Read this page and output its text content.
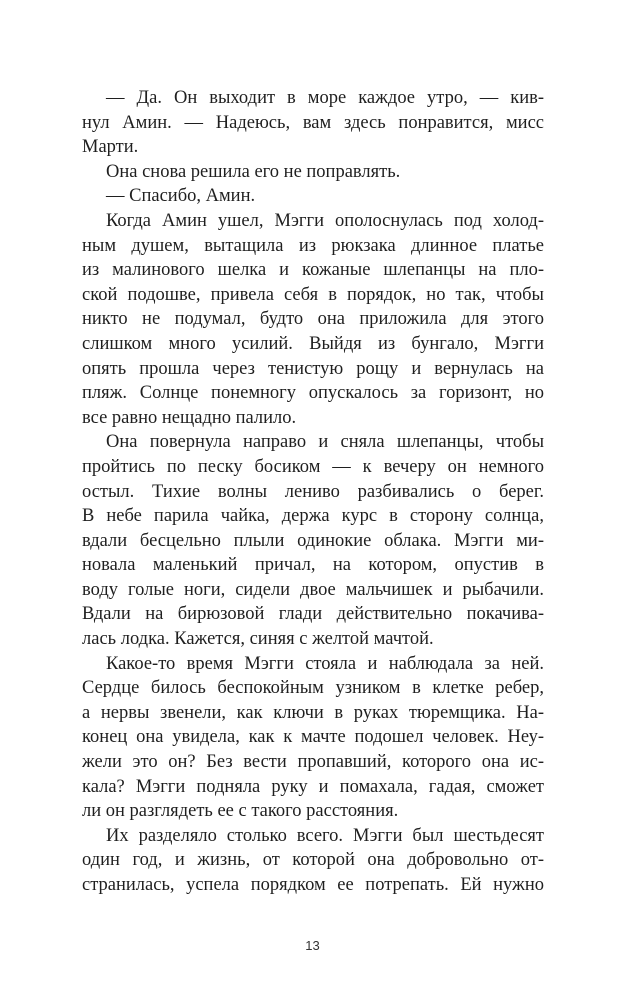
— Да. Он выходит в море каждое утро, — кив-
нул Амин. — Надеюсь, вам здесь понравится, мисс
Марти.
Она снова решила его не поправлять.
— Спасибо, Амин.
Когда Амин ушел, Мэгги ополоснулась под холод-
ным душем, вытащила из рюкзака длинное платье
из малинового шелка и кожаные шлепанцы на пло-
ской подошве, привела себя в порядок, но так, чтобы
никто не подумал, будто она приложила для этого
слишком много усилий. Выйдя из бунгало, Мэгги
опять прошла через тенистую рощу и вернулась на
пляж. Солнце понемногу опускалось за горизонт, но
все равно нещадно палило.
Она повернула направо и сняла шлепанцы, чтобы
пройтись по песку босиком — к вечеру он немного
остыл. Тихие волны лениво разбивались о берег.
В небе парила чайка, держа курс в сторону солнца,
вдали бесцельно плыли одинокие облака. Мэгги ми-
новала маленький причал, на котором, опустив в
воду голые ноги, сидели двое мальчишек и рыбачили.
Вдали на бирюзовой глади действительно покачива-
лась лодка. Кажется, синяя с желтой мачтой.
Какое-то время Мэгги стояла и наблюдала за ней.
Сердце билось беспокойным узником в клетке ребер,
а нервы звенели, как ключи в руках тюремщика. На-
конец она увидела, как к мачте подошел человек. Неу-
жели это он? Без вести пропавший, которого она ис-
кала? Мэгги подняла руку и помахала, гадая, сможет
ли он разглядеть ее с такого расстояния.
Их разделяло столько всего. Мэгги был шестьдесят
один год, и жизнь, от которой она добровольно от-
странилась, успела порядком ее потрепать. Ей нужно
13
